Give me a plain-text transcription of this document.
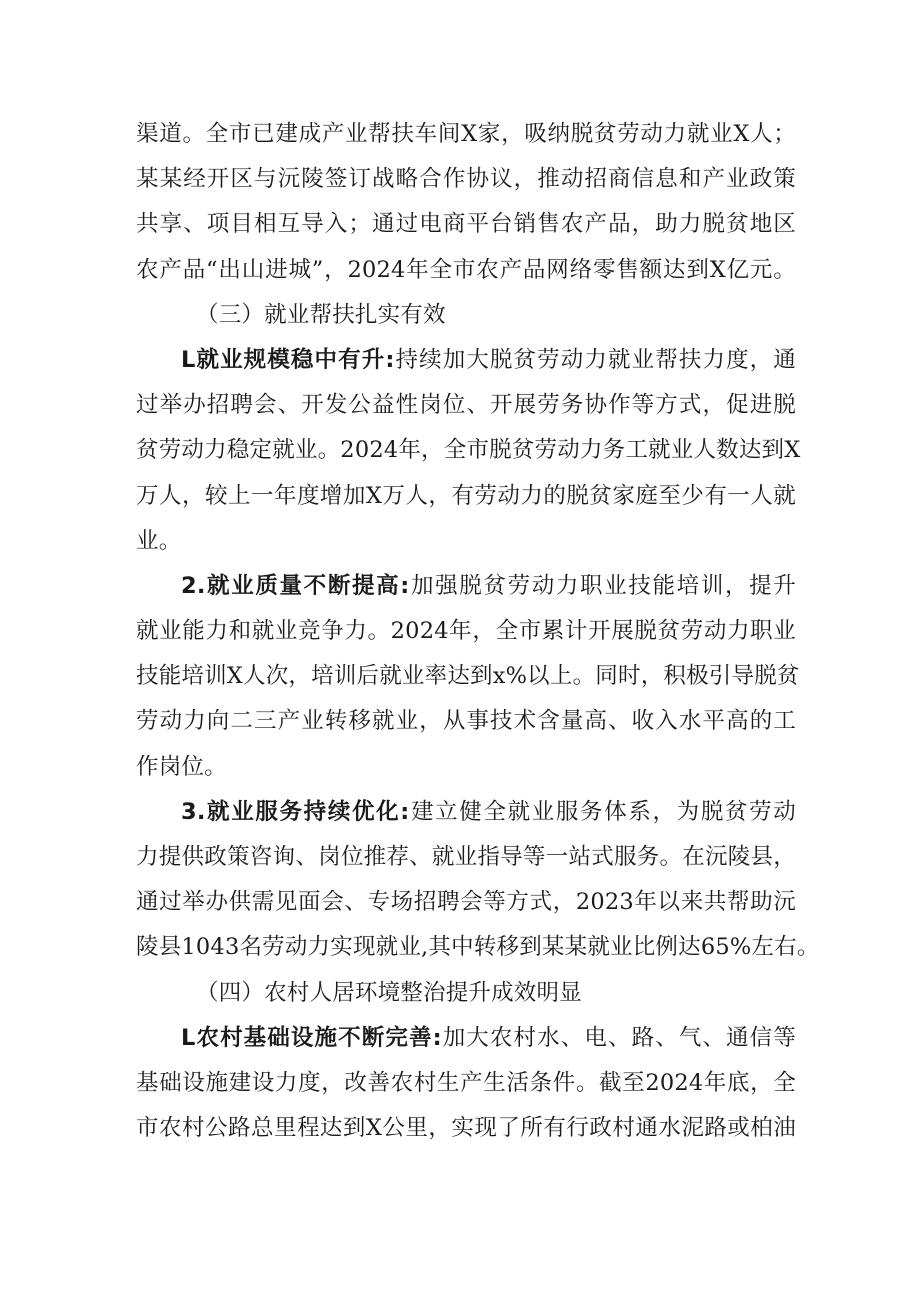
渠道。全市已建成产业帮扶车间X家，吸纳脱贫劳动力就业X人；
某某经开区与沅陵签订战略合作协议，推动招商信息和产业政策
共享、项目相互导入；通过电商平台销售农产品，助力脱贫地区
农产品“出山进城”，2024年全市农产品网络零售额达到X亿元。
（三）就业帮扶扎实有效
L就业规模稳中有升:持续加大脱贫劳动力就业帮扶力度，通
过举办招聘会、开发公益性岗位、开展劳务协作等方式，促进脱
贫劳动力稳定就业。2024年，全市脱贫劳动力务工就业人数达到X
万人，较上一年度增加X万人，有劳动力的脱贫家庭至少有一人就
业。
2.就业质量不断提高:加强脱贫劳动力职业技能培训，提升
就业能力和就业竞争力。2024年，全市累计开展脱贫劳动力职业
技能培训X人次，培训后就业率达到x%以上。同时，积极引导脱贫
劳动力向二三产业转移就业，从事技术含量高、收入水平高的工
作岗位。
3.就业服务持续优化:建立健全就业服务体系，为脱贫劳动
力提供政策咨询、岗位推荐、就业指导等一站式服务。在沅陵县，
通过举办供需见面会、专场招聘会等方式，2023年以来共帮助沅
陵县1043名劳动力实现就业,其中转移到某某就业比例达65%左右。
（四）农村人居环境整治提升成效明显
L农村基础设施不断完善:加大农村水、电、路、气、通信等
基础设施建设力度，改善农村生产生活条件。截至2024年底，全
市农村公路总里程达到X公里，实现了所有行政村通水泥路或柏油
